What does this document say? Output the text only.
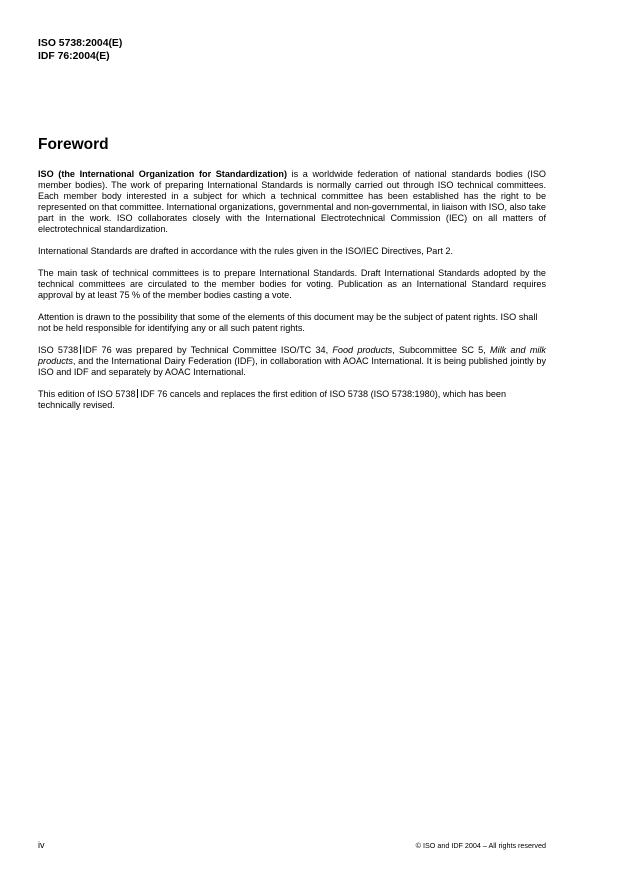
ISO 5738:2004(E)
IDF 76:2004(E)
Foreword

ISO (the International Organization for Standardization) is a worldwide federation of national standards bodies (ISO member bodies). The work of preparing International Standards is normally carried out through ISO technical committees. Each member body interested in a subject for which a technical committee has been established has the right to be represented on that committee. International organizations, governmental and non-governmental, in liaison with ISO, also take part in the work. ISO collaborates closely with the International Electrotechnical Commission (IEC) on all matters of electrotechnical standardization.

International Standards are drafted in accordance with the rules given in the ISO/IEC Directives, Part 2.

The main task of technical committees is to prepare International Standards. Draft International Standards adopted by the technical committees are circulated to the member bodies for voting. Publication as an International Standard requires approval by at least 75 % of the member bodies casting a vote.

Attention is drawn to the possibility that some of the elements of this document may be the subject of patent rights. ISO shall not be held responsible for identifying any or all such patent rights.

ISO 5738 IDF 76 was prepared by Technical Committee ISO/TC 34, Food products, Subcommittee SC 5, Milk and milk products, and the International Dairy Federation (IDF), in collaboration with AOAC International. It is being published jointly by ISO and IDF and separately by AOAC International.

This edition of ISO 5738 IDF 76 cancels and replaces the first edition of ISO 5738 (ISO 5738:1980), which has been technically revised.

iv	© ISO and IDF 2004 – All rights reserved
